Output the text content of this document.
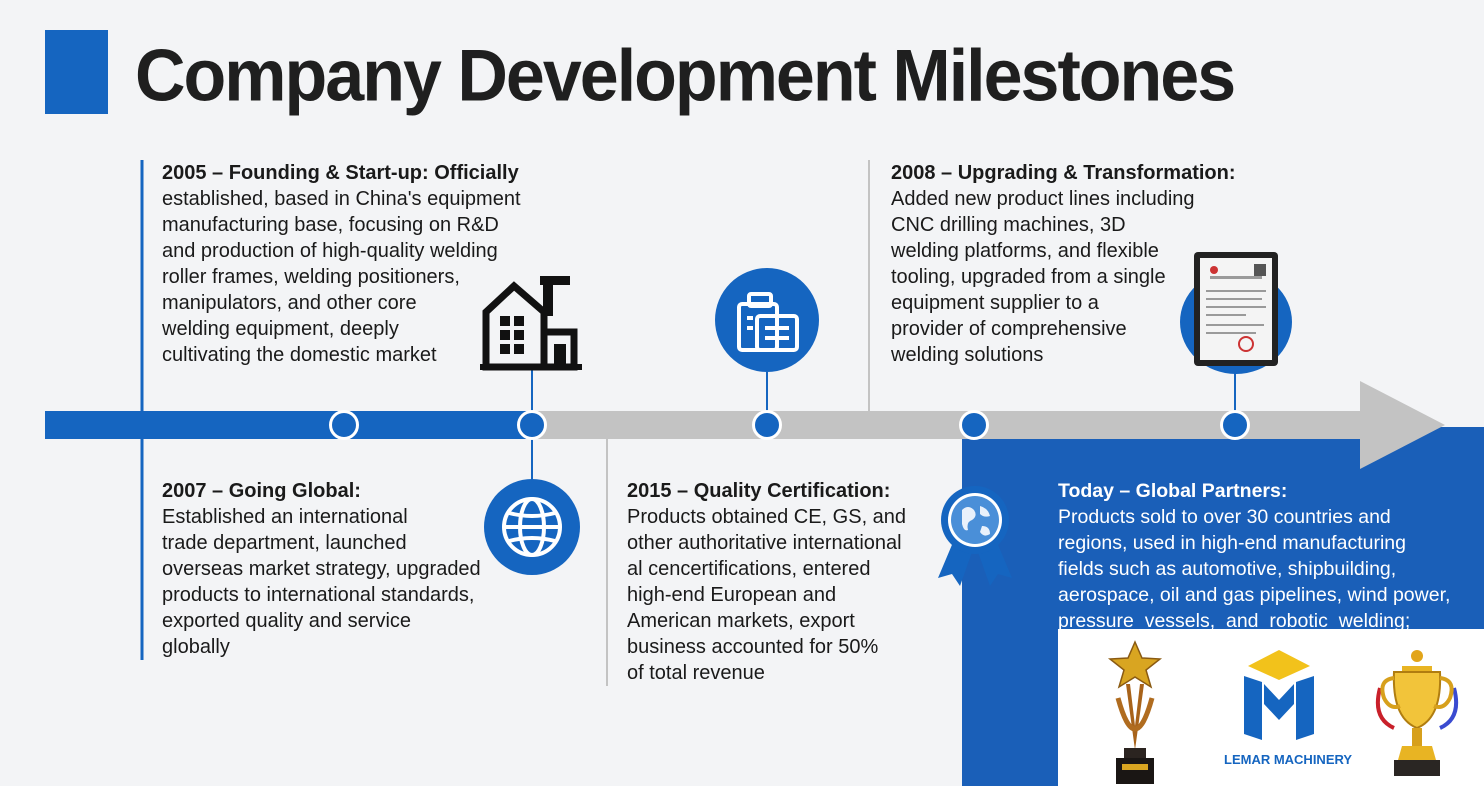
Company Development Milestones
LEMAR MACHINERY
2005 – Founding & Start-up: Officially
established, based in China's equipment
manufacturing base, focusing on R&D
and production of high-quality welding
roller frames, welding positioners,
manipulators, and other core
welding equipment, deeply
cultivating the domestic market
2008 – Upgrading & Transformation:
Added new product lines including
CNC drilling machines, 3D
welding platforms, and flexible
tooling, upgraded from a single
equipment supplier to a
provider of comprehensive
welding solutions
2007 – Going Global:
Established an international
trade department, launched
overseas market strategy, upgraded
products to international standards,
exported quality and service
globally
2015 – Quality Certification:
Products obtained CE, GS, and
other authoritative international
al cencertifications, entered
high-end European and
American markets, export
business accounted for 50%
of total revenue
Today – Global Partners:
Products sold to over 30 countries and
regions, used in high-end manufacturing
fields such as automotive, shipbuilding,
aerospace, oil and gas pipelines, wind power,
pressure  vessels,  and  robotic  welding;
